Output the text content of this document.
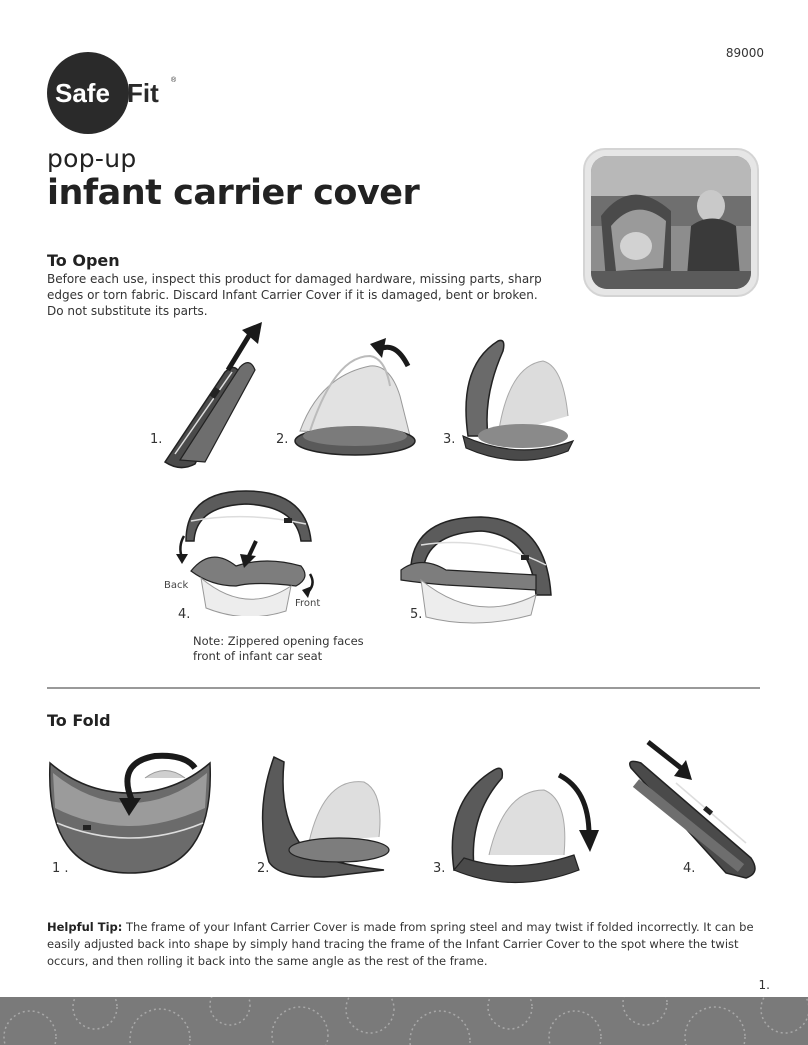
89000
Safe Fit ®
pop-up
infant carrier cover
To Open
Before each use, inspect this product for damaged hardware, missing parts, sharp edges or torn fabric. Discard Infant Carrier Cover if it is damaged, bent or broken. Do not substitute its parts.
1.	2.	3.
Back
Front
4.	5.
Note: Zippered opening faces front of infant car seat
To Fold
1 .	2.	3.	4.
Helpful Tip: The frame of your Infant Carrier Cover is made from spring steel and may twist if folded incorrectly. It can be easily adjusted back into shape by simply hand tracing the frame of the Infant Carrier Cover to the spot where the twist occurs, and then rolling it back into the same angle as the rest of the frame.
1.
